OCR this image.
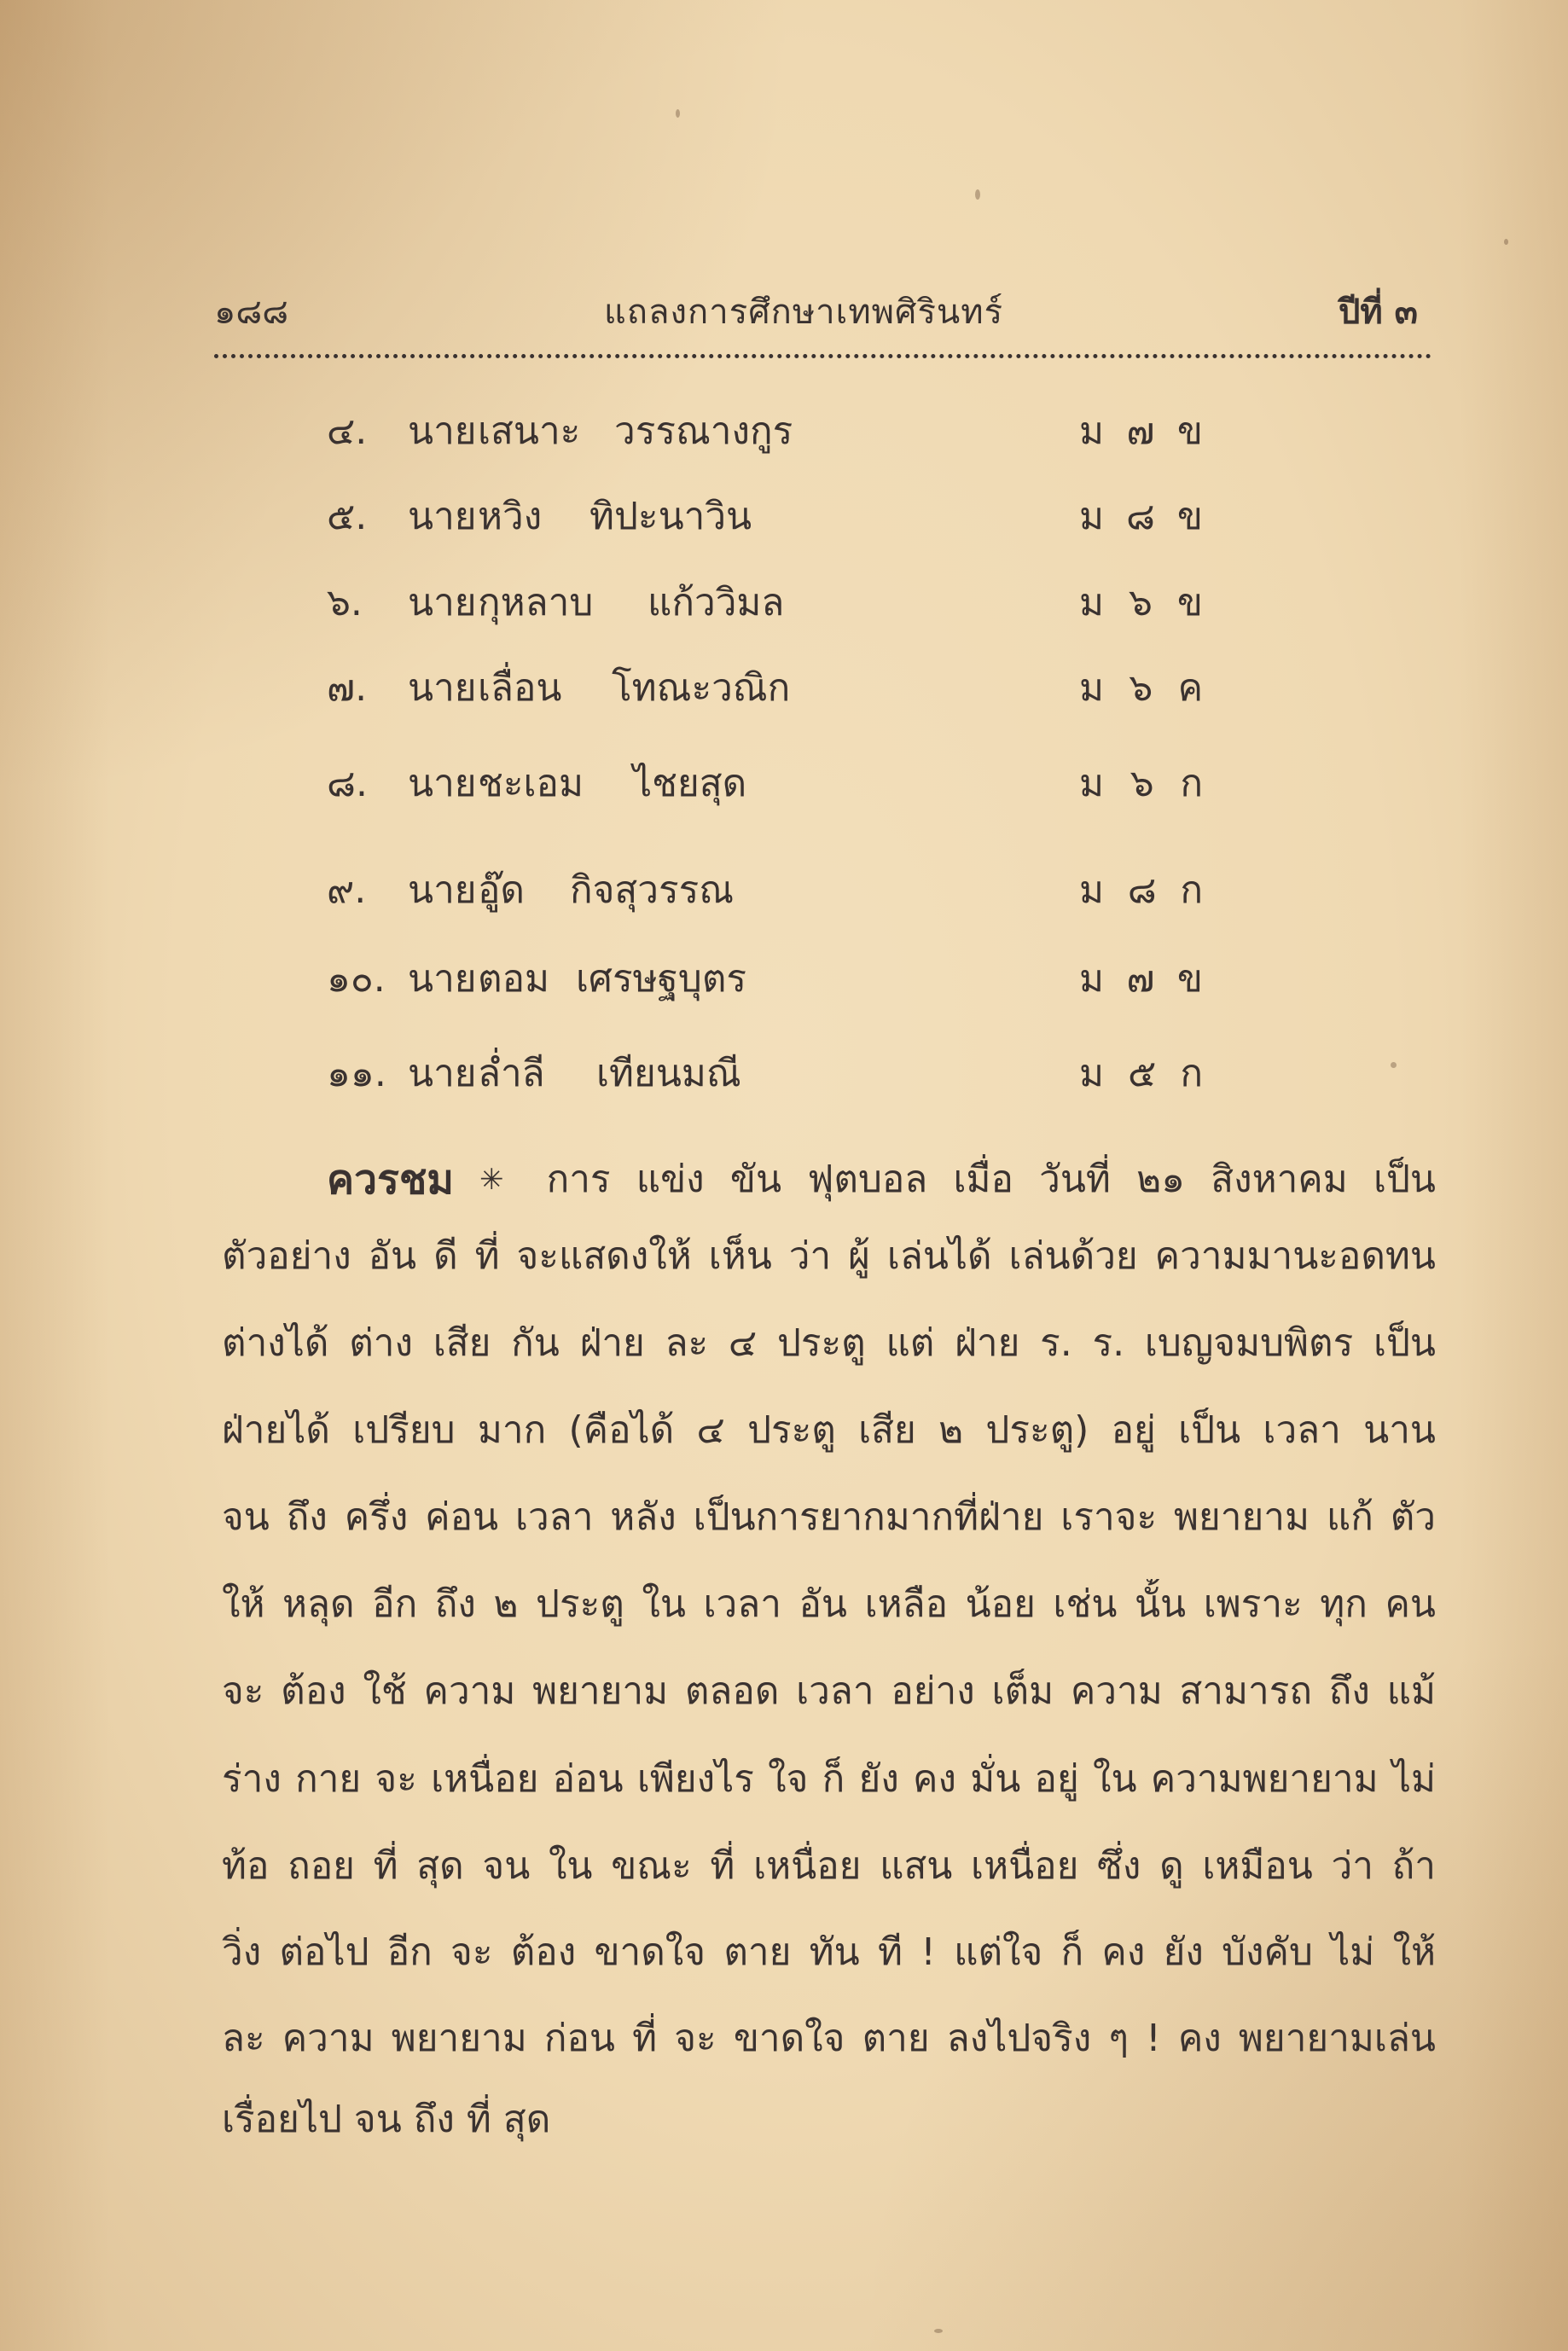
๑๘๘	แถลงการศึกษาเทพศิรินทร์	ปีที่ ๓
๔. นาย เสนาะ วรรณางกูร	ม ๗ ข
๕. นาย หวิง ทิปะนาวิน	ม ๘ ข
๖. นาย กุหลาบ แก้ววิมล	ม ๖ ข
๗. นาย เลื่อน โทณะวณิก	ม ๖ ค
๘. นาย ชะเอม ไชยสุด	ม ๖ ก
๙. นาย อู๊ด กิจสุวรรณ	ม ๘ ก
๑๐. นาย ตอม เศรษฐบุตร	ม ๗ ข
๑๑. นาย ล่ำลี เทียนมณี	ม ๕ ก
ควรชม ✳ การ แข่ง ขัน ฟุตบอล เมื่อ วันที่ ๒๑ สิงหาคม เป็น
ตัวอย่าง อัน ดี ที่ จะแสดงให้ เห็น ว่า ผู้ เล่นได้ เล่นด้วย ความมานะอดทน
ต่างได้ ต่าง เสีย กัน ฝ่าย ละ ๔ ประตู แต่ ฝ่าย ร. ร. เบญจมบพิตร เป็น
ฝ่ายได้ เปรียบ มาก (คือได้ ๔ ประตู เสีย ๒ ประตู) อยู่ เป็น เวลา นาน
จน ถึง ครึ่ง ค่อน เวลา หลัง เป็นการยากมากที่ฝ่าย เราจะ พยายาม แก้ ตัว
ให้ หลุด อีก ถึง ๒ ประตู ใน เวลา อัน เหลือ น้อย เช่น นั้น เพราะ ทุก คน
จะ ต้อง ใช้ ความ พยายาม ตลอด เวลา อย่าง เต็ม ความ สามารถ ถึง แม้
ร่าง กาย จะ เหนื่อย อ่อน เพียงไร ใจ ก็ ยัง คง มั่น อยู่ ใน ความพยายาม ไม่
ท้อ ถอย ที่ สุด จน ใน ขณะ ที่ เหนื่อย แสน เหนื่อย ซึ่ง ดู เหมือน ว่า ถ้า
วิ่ง ต่อไป อีก จะ ต้อง ขาดใจ ตาย ทัน ที ! แต่ใจ ก็ คง ยัง บังคับ ไม่ ให้
ละ ความ พยายาม ก่อน ที่ จะ ขาดใจ ตาย ลงไปจริง ๆ ! คง พยายามเล่น
เรื่อยไป จน ถึง ที่ สุด
